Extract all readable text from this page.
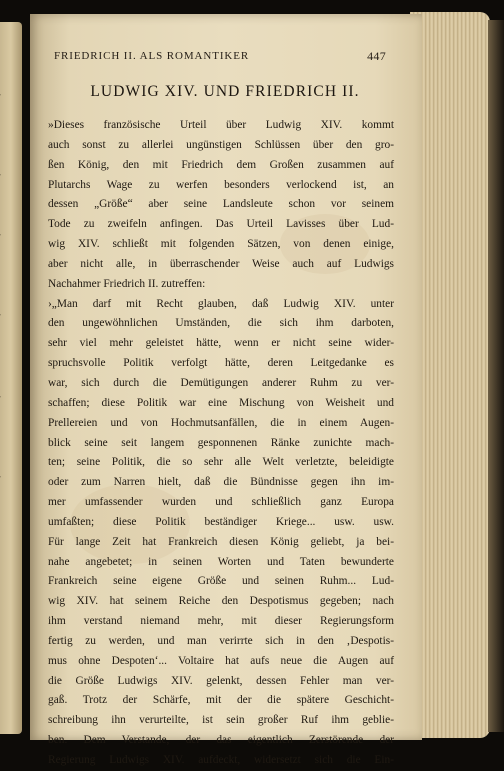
FRIEDRICH II. ALS ROMANTIKER	447
LUDWIG XIV. UND FRIEDRICH II.
»Dieses französische Urteil über Ludwig XIV. kommt
auch sonst zu allerlei ungünstigen Schlüssen über den gro-
ßen König, den mit Friedrich dem Großen zusammen auf
Plutarchs Wage zu werfen besonders verlockend ist, an
dessen „Größe“ aber seine Landsleute schon vor seinem
Tode zu zweifeln anfingen. Das Urteil Lavisses über Lud-
wig XIV. schließt mit folgenden Sätzen, von denen einige,
aber nicht alle, in überraschender Weise auch auf Ludwigs
Nachahmer Friedrich II. zutreffen:
›„Man darf mit Recht glauben, daß Ludwig XIV. unter
den ungewöhnlichen Umständen, die sich ihm darboten,
sehr viel mehr geleistet hätte, wenn er nicht seine wider-
spruchsvolle Politik verfolgt hätte, deren Leitgedanke es
war, sich durch die Demütigungen anderer Ruhm zu ver-
schaffen; diese Politik war eine Mischung von Weisheit und
Prellereien und von Hochmutsanfällen, die in einem Augen-
blick seine seit langem gesponnenen Ränke zunichte mach-
ten; seine Politik, die so sehr alle Welt verletzte, beleidigte
oder zum Narren hielt, daß die Bündnisse gegen ihn im-
mer umfassender wurden und schließlich ganz Europa
umfaßten; diese Politik beständiger Kriege... usw. usw.
Für lange Zeit hat Frankreich diesen König geliebt, ja bei-
nahe angebetet; in seinen Worten und Taten bewunderte
Frankreich seine eigene Größe und seinen Ruhm... Lud-
wig XIV. hat seinem Reiche den Despotismus gegeben; nach
ihm verstand niemand mehr, mit dieser Regierungsform
fertig zu werden, und man verirrte sich in den ‚Despotis-
mus ohne Despoten‘... Voltaire hat aufs neue die Augen auf
die Größe Ludwigs XIV. gelenkt, dessen Fehler man ver-
gaß. Trotz der Schärfe, mit der die spätere Geschicht-
schreibung ihn verurteilte, ist sein großer Ruf ihm geblie-
ben. Dem Verstande, der das eigentlich Zerstörende der
Regierung Ludwigs XIV. aufdeckt, widersetzt sich die Ein-
